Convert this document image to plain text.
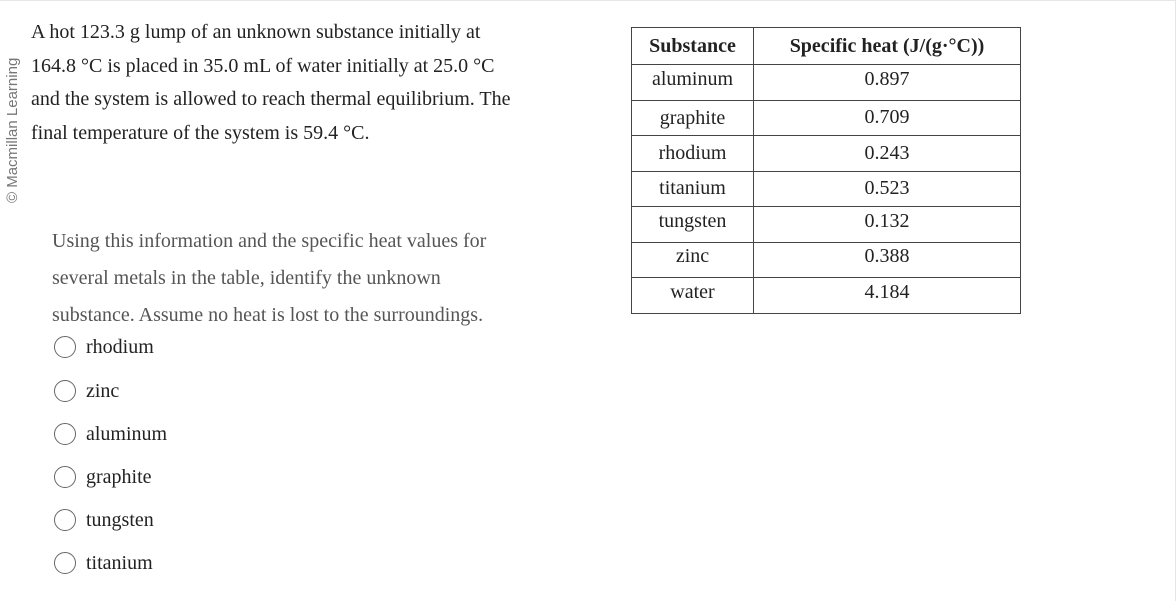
© Macmillan Learning
A hot 123.3 g lump of an unknown substance initially at
164.8 °C is placed in 35.0 mL of water initially at 25.0 °C
and the system is allowed to reach thermal equilibrium. The
final temperature of the system is 59.4 °C.
Using this information and the specific heat values for
several metals in the table, identify the unknown
substance. Assume no heat is lost to the surroundings.
rhodium
zinc
aluminum
graphite
tungsten
titanium
Substance	Specific heat (J/(g·°C))

aluminum	0.897

graphite	0.709

rhodium	0.243

titanium	0.523

tungsten	0.132

zinc	0.388

water	4.184
